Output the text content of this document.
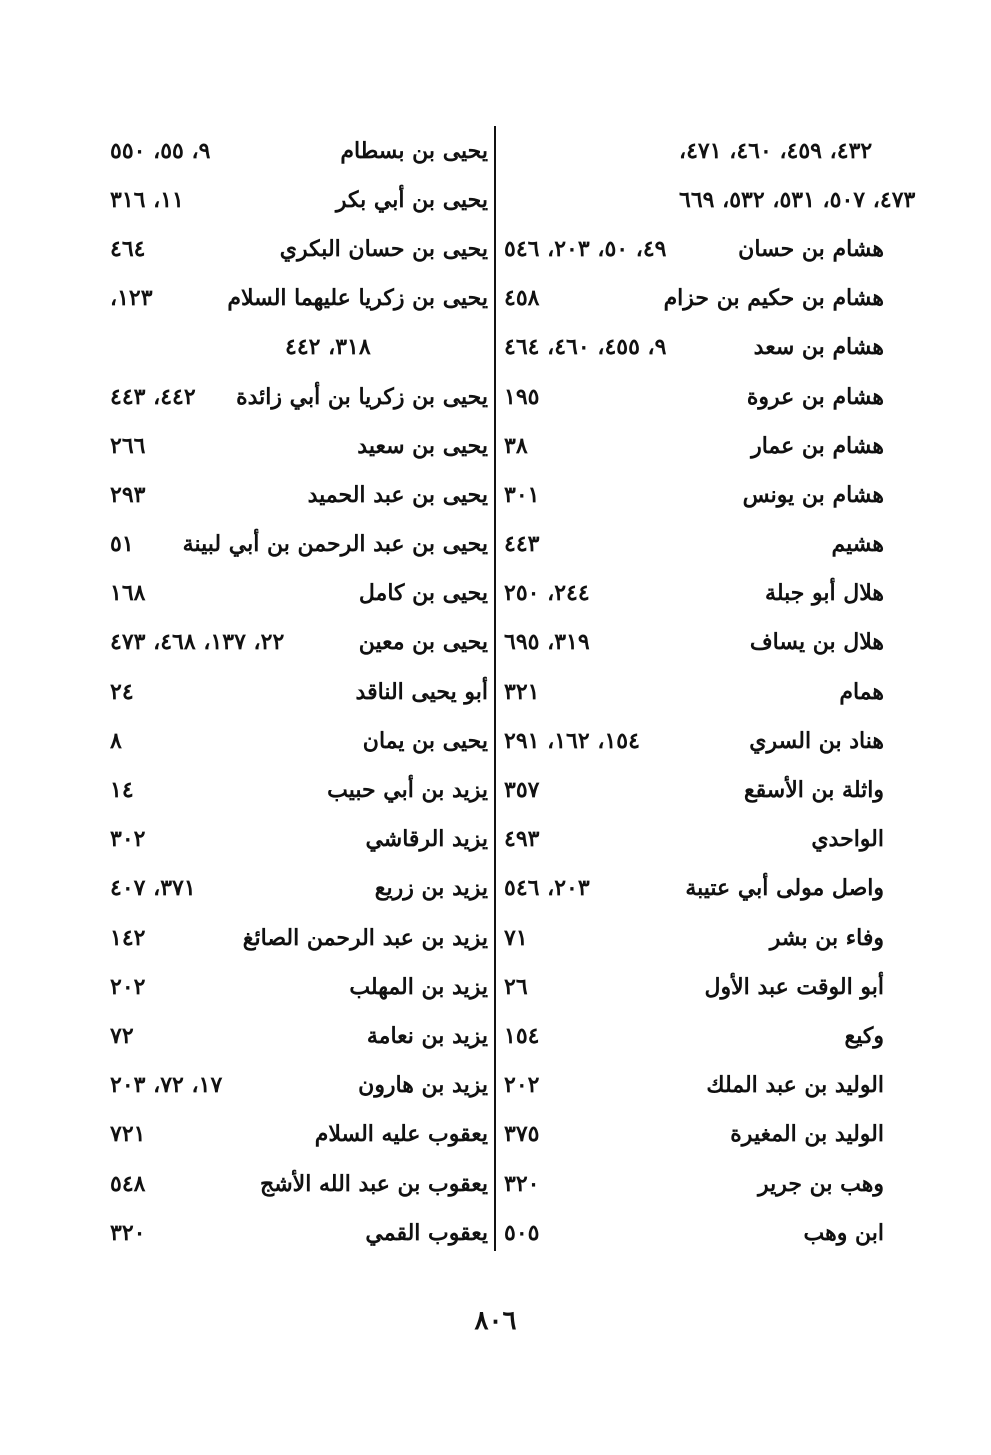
٤٣٢، ٤٥٩، ٤٦٠، ٤٧١،
٤٧٣، ٥٠٧، ٥٣١، ٥٣٢، ٦٦٩
هشام بن حسان
٤٩، ٥٠، ٢٠٣، ٥٤٦
هشام بن حكيم بن حزام
٤٥٨
هشام بن سعد
٩، ٤٥٥، ٤٦٠، ٤٦٤
هشام بن عروة
١٩٥
هشام بن عمار
٣٨
هشام بن يونس
٣٠١
هشيم
٤٤٣
هلال أبو جبلة
٢٤٤، ٢٥٠
هلال بن يساف
٣١٩، ٦٩٥
همام
٣٢١
هناد بن السري
١٥٤، ١٦٢، ٢٩١
واثلة بن الأسقع
٣٥٧
الواحدي
٤٩٣
واصل مولى أبي عتيبة
٢٠٣، ٥٤٦
وفاء بن بشر
٧١
أبو الوقت عبد الأول
٢٦
وكيع
١٥٤
الوليد بن عبد الملك
٢٠٢
الوليد بن المغيرة
٣٧٥
وهب بن جرير
٣٢٠
ابن وهب
٥٠٥
يحيى بن بسطام
٩، ٥٥، ٥٥٠
يحيى بن أبي بكر
١١، ٣١٦
يحيى بن حسان البكري
٤٦٤
يحيى بن زكريا عليهما السلام
١٢٣،
٣١٨، ٤٤٢
يحيى بن زكريا بن أبي زائدة
٤٤٢، ٤٤٣
يحيى بن سعيد
٢٦٦
يحيى بن عبد الحميد
٢٩٣
يحيى بن عبد الرحمن بن أبي لبينة
٥١
يحيى بن كامل
١٦٨
يحيى بن معين
٢٢، ١٣٧، ٤٦٨، ٤٧٣
أبو يحيى الناقد
٢٤
يحيى بن يمان
٨
يزيد بن أبي حبيب
١٤
يزيد الرقاشي
٣٠٢
يزيد بن زريع
٣٧١، ٤٠٧
يزيد بن عبد الرحمن الصائغ
١٤٢
يزيد بن المهلب
٢٠٢
يزيد بن نعامة
٧٢
يزيد بن هارون
١٧، ٧٢، ٢٠٣
يعقوب عليه السلام
٧٢١
يعقوب بن عبد الله الأشج
٥٤٨
يعقوب القمي
٣٢٠
٨٠٦
